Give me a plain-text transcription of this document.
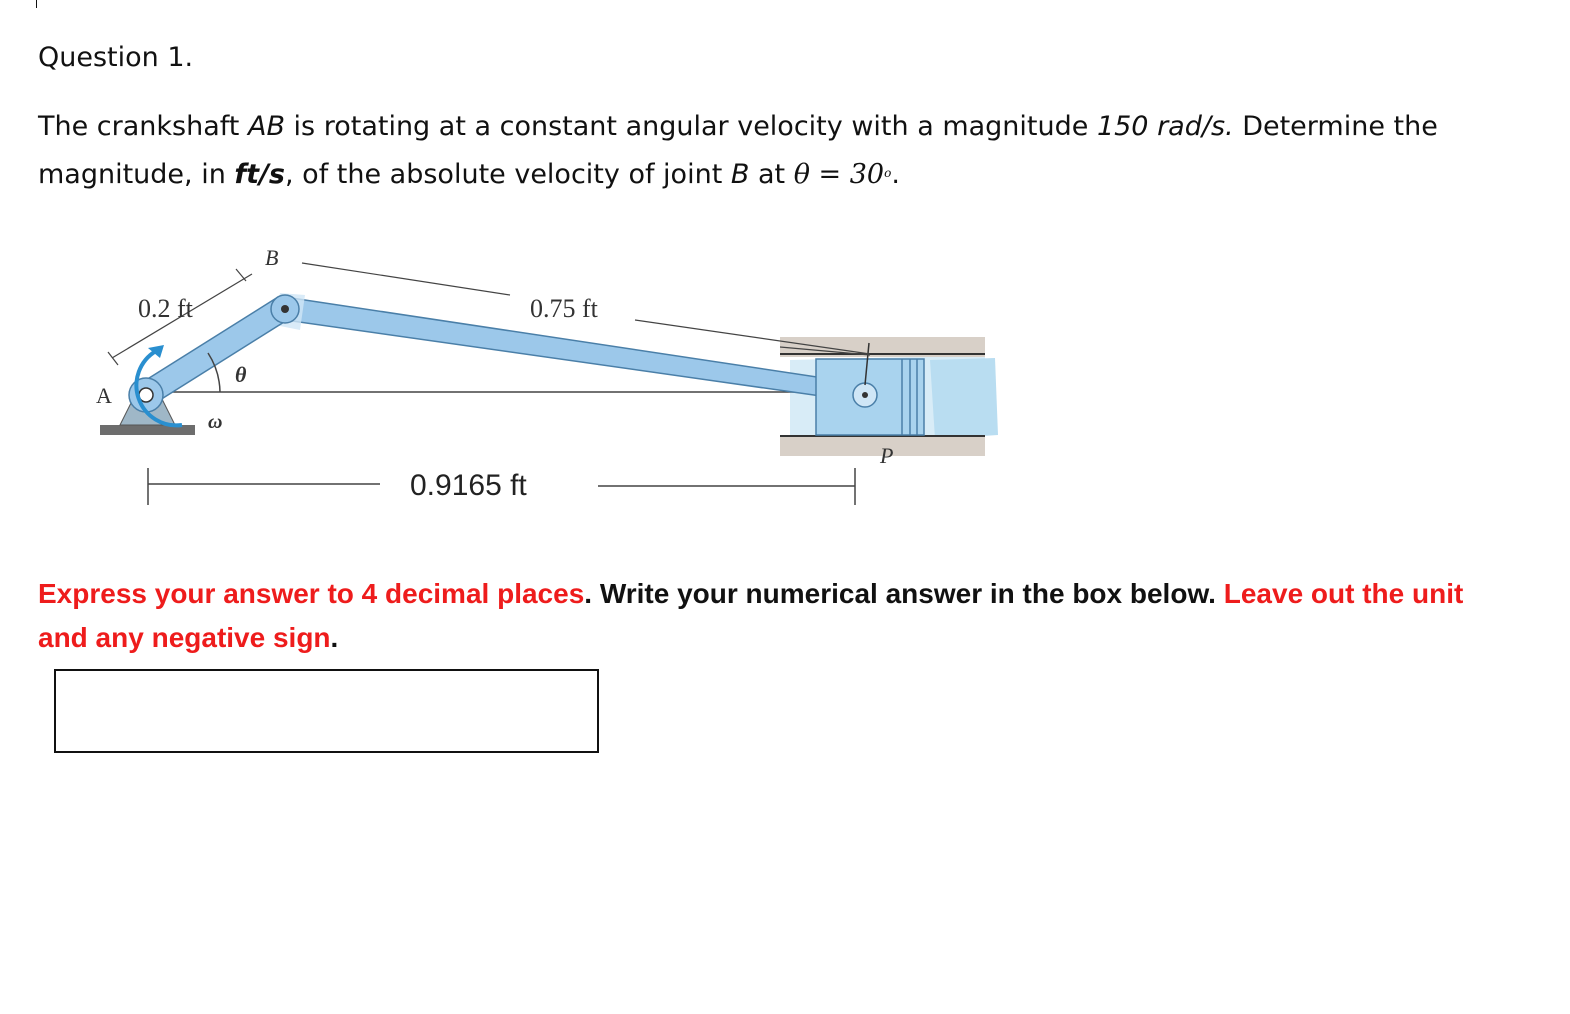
Question 1.
The crankshaft AB is rotating at a constant angular velocity with a magnitude 150 rad/s. Determine the magnitude, in ft/s, of the absolute velocity of joint B at $\theta = 30^o$.
A
B
P
θ
ω
0.2 ft	0.75 ft
0.9165 ft
Express your answer to 4 decimal places. Write your numerical answer in the box below. Leave out the unit and any negative sign.
